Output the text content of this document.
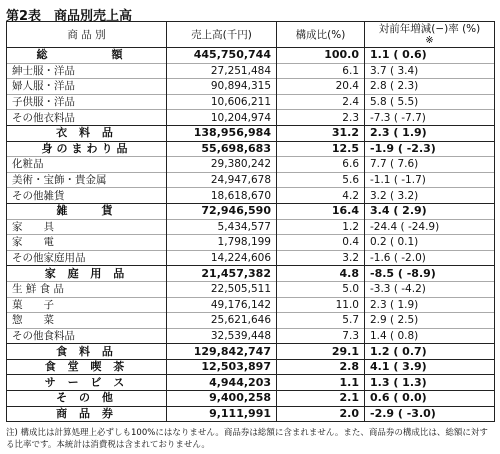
第2表　商品別売上高
商 品 別	売上高(千円)	構成比(%)	対前年増減(−)率 (%)
※

総　　額	445,750,744	100.0	1.1 ( 0.6)
紳士服・洋品	27,251,484	6.1	3.7 ( 3.4)
婦人服・洋品	90,894,315	20.4	2.8 ( 2.3)
子供服・洋品	10,606,211	2.4	5.8 ( 5.5)
その他衣料品	10,204,974	2.3	-7.3 ( -7.7)
衣 料 品	138,956,984	31.2	2.3 ( 1.9)
身のまわり品	55,698,683	12.5	-1.9 ( -2.3)
化粧品	29,380,242	6.6	7.7 ( 7.6)
美術・宝飾・貴金属	24,947,678	5.6	-1.1 ( -1.7)
その他雑貨	18,618,670	4.2	3.2 ( 3.2)
雑　　貨	72,946,590	16.4	3.4 ( 2.9)
家　　具	5,434,577	1.2	-24.4 ( -24.9)
家　　電	1,798,199	0.4	0.2 ( 0.1)
その他家庭用品	14,224,606	3.2	-1.6 ( -2.0)
家 庭 用 品	21,457,382	4.8	-8.5 ( -8.9)
生 鮮 食 品	22,505,511	5.0	-3.3 ( -4.2)
菓　　子	49,176,142	11.0	2.3 ( 1.9)
惣　　菜	25,621,646	5.7	2.9 ( 2.5)
その他食料品	32,539,448	7.3	1.4 ( 0.8)
食 料 品	129,842,747	29.1	1.2 ( 0.7)
食 堂 喫 茶	12,503,897	2.8	4.1 ( 3.9)
サ ー ビ ス	4,944,203	1.1	1.3 ( 1.3)
そ の 他	9,400,258	2.1	0.6 ( 0.0)
商 品 券	9,111,991	2.0	-2.9 ( -3.0)
注) 構成比は計算処理上必ずしも100%にはなりません。商品券は総額に含まれません。また、商品券の構成比は、総額に対する比率です。本統計は消費税は含まれておりません。
